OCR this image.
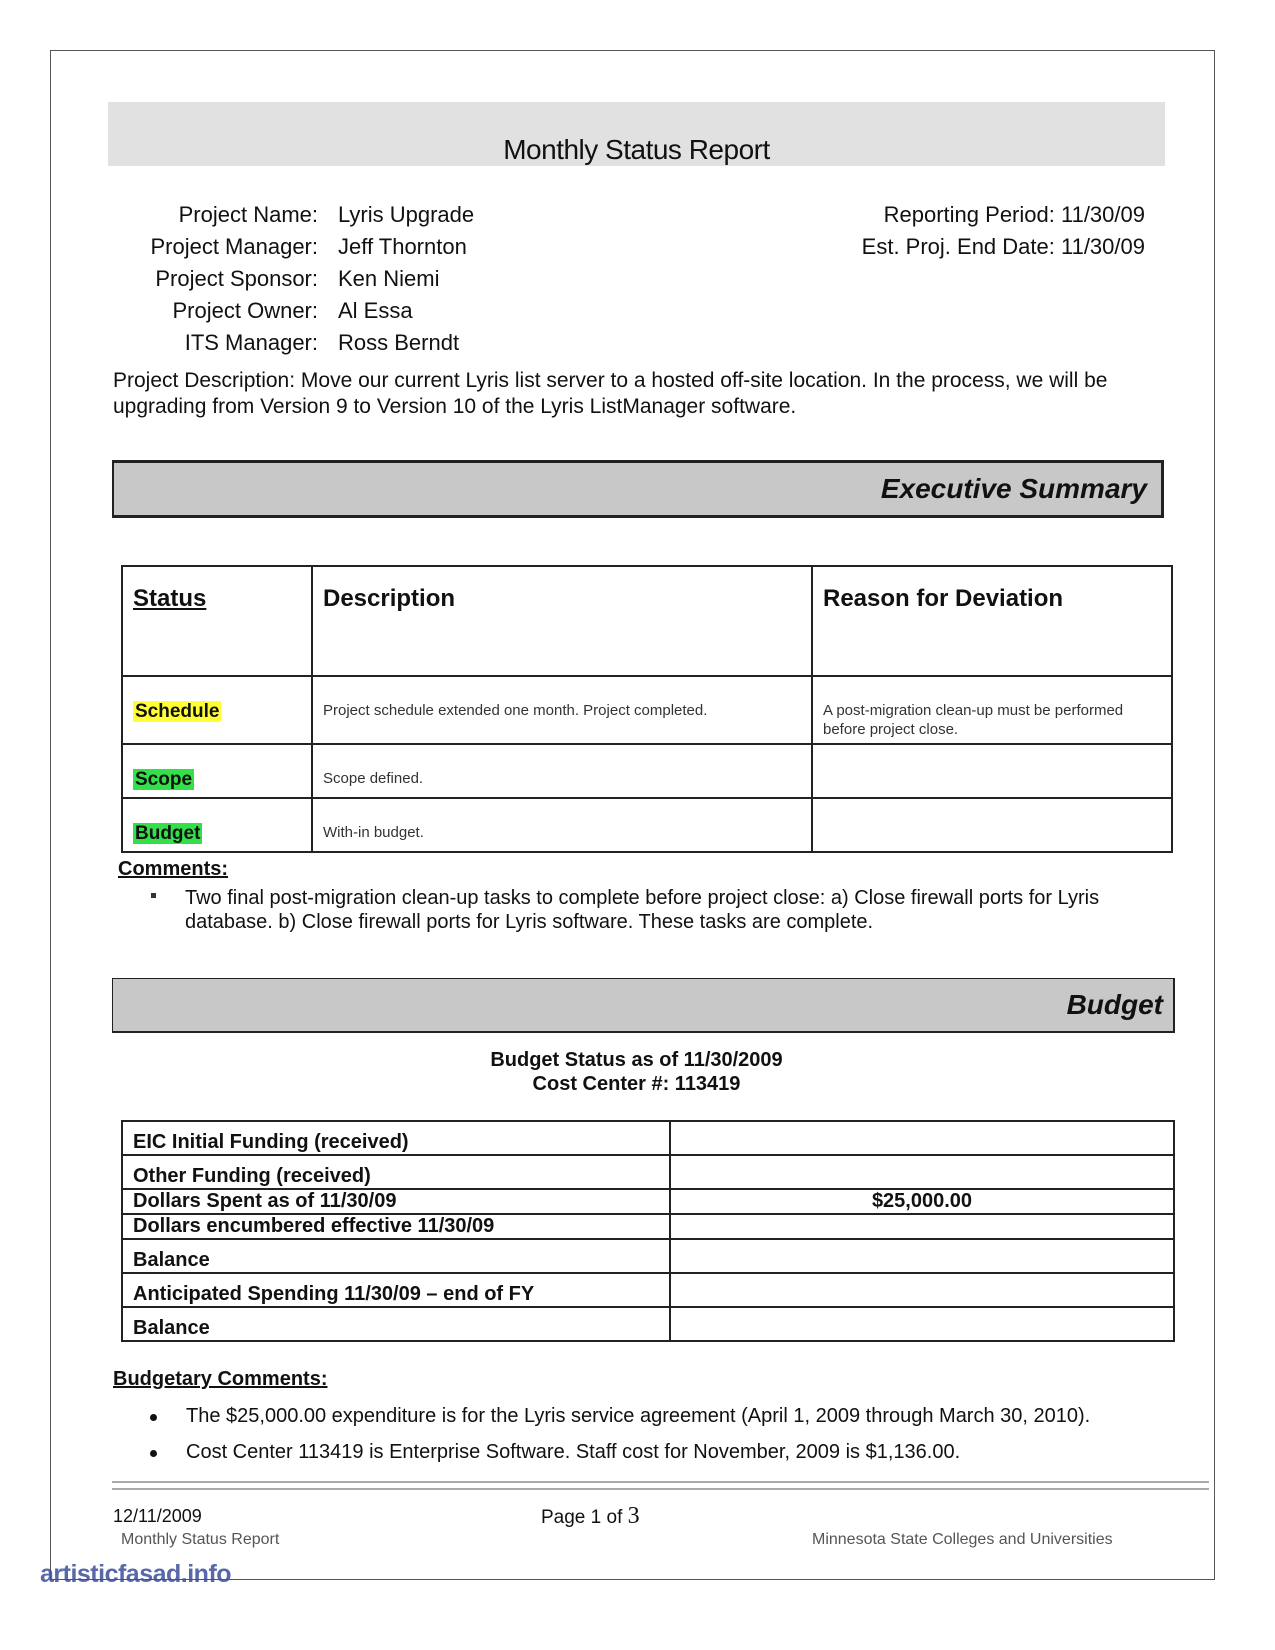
Monthly Status Report
Project Name: Lyris Upgrade
Project Manager: Jeff Thornton
Project Sponsor: Ken Niemi
Project Owner: Al Essa
ITS Manager: Ross Berndt
Reporting Period: 11/30/09
Est. Proj. End Date: 11/30/09
Project Description: Move our current Lyris list server to a hosted off-site location. In the process, we will be upgrading from Version 9 to Version 10 of the Lyris ListManager software.
Executive Summary
Status	Description	Reason for Deviation

Schedule	Project schedule extended one month. Project completed.	A post-migration clean-up must be performed before project close.

Scope	Scope defined.	

Budget	With-in budget.	

Comments:
Two final post-migration clean-up tasks to complete before project close: a) Close firewall ports for Lyris database. b) Close firewall ports for Lyris software. These tasks are complete.
Budget
Budget Status as of 11/30/2009
Cost Center #: 113419
EIC Initial Funding (received)	
Other Funding (received)	
Dollars Spent as of 11/30/09	$25,000.00
Dollars encumbered effective 11/30/09	
Balance	
Anticipated Spending 11/30/09 – end of FY	
Balance	
Budgetary Comments:
The $25,000.00 expenditure is for the Lyris service agreement (April 1, 2009 through March 30, 2010).
Cost Center 113419 is Enterprise Software. Staff cost for November, 2009 is $1,136.00.
12/11/2009	Page 1 of 3
Monthly Status Report	Minnesota State Colleges and Universities
artisticfasad.info
